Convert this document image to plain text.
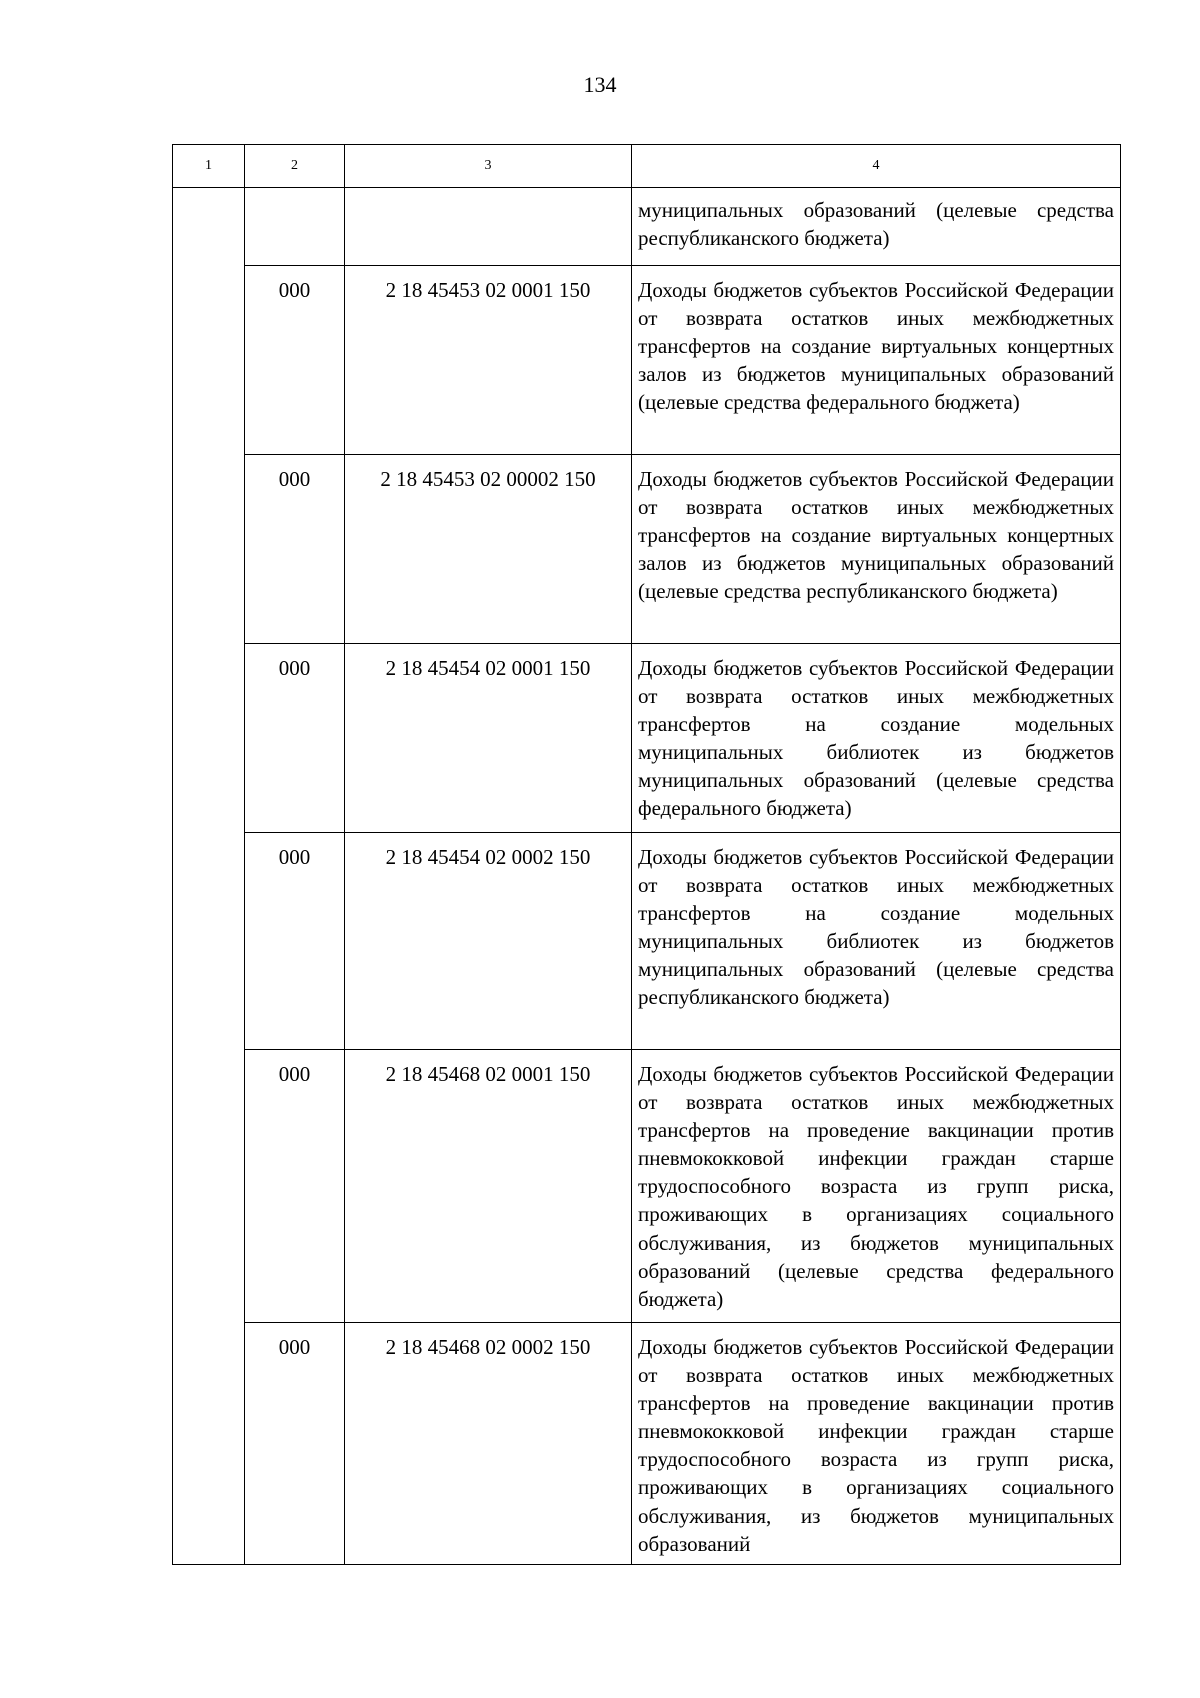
134
1	2	3	4
			муниципальных образований (целевые средства республиканского бюджета)
	000	2 18 45453 02 0001 150	Доходы бюджетов субъектов Российской Федерации от возврата остатков иных межбюджетных трансфертов на создание виртуальных концертных залов из бюджетов муниципальных образований (целевые средства федерального бюджета)
	000	2 18 45453 02 00002 150	Доходы бюджетов субъектов Российской Федерации от возврата остатков иных межбюджетных трансфертов на создание виртуальных концертных залов из бюджетов муниципальных образований (целевые средства республиканского бюджета)
	000	2 18 45454 02 0001 150	Доходы бюджетов субъектов Российской Федерации от возврата остатков иных межбюджетных трансфертов на создание модельных муниципальных библиотек из бюджетов муниципальных образований (целевые средства федерального бюджета)
	000	2 18 45454 02 0002 150	Доходы бюджетов субъектов Российской Федерации от возврата остатков иных межбюджетных трансфертов на создание модельных муниципальных библиотек из бюджетов муниципальных образований (целевые средства республиканского бюджета)
	000	2 18 45468 02 0001 150	Доходы бюджетов субъектов Российской Федерации от возврата остатков иных межбюджетных трансфертов на проведение вакцинации против пневмококковой инфекции граждан старше трудоспособного возраста из групп риска, проживающих в организациях социального обслуживания, из бюджетов муниципальных образований (целевые средства федерального бюджета)
	000	2 18 45468 02 0002 150	Доходы бюджетов субъектов Российской Федерации от возврата остатков иных межбюджетных трансфертов на проведение вакцинации против пневмококковой инфекции граждан старше трудоспособного возраста из групп риска, проживающих в организациях социального обслуживания, из бюджетов муниципальных образований
